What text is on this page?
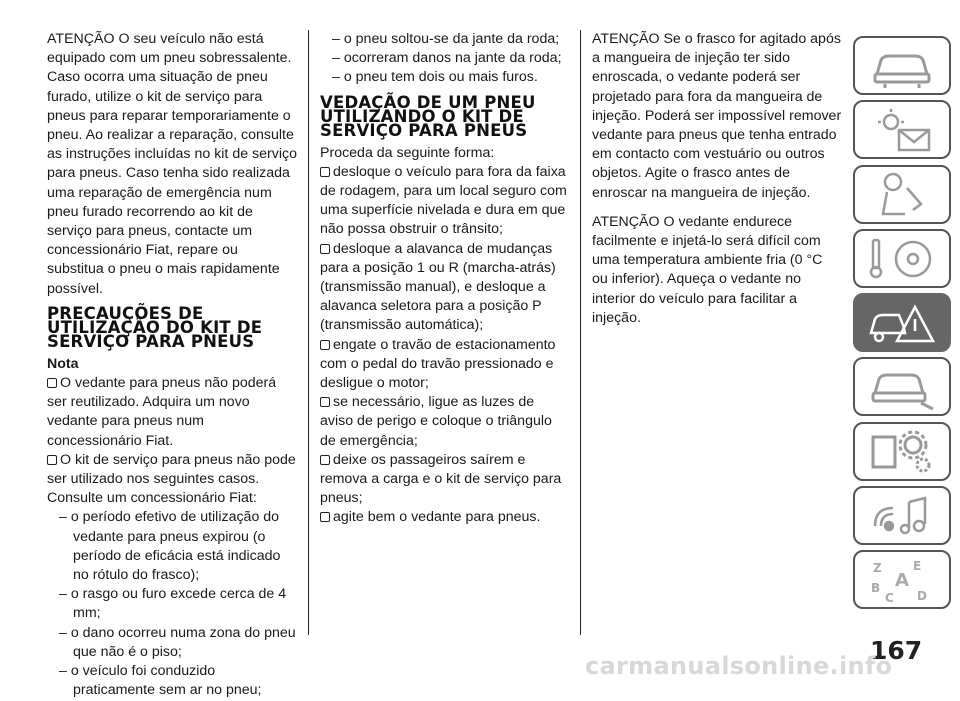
ATENÇÃO O seu veículo não está equipado com um pneu sobressalente. Caso ocorra uma situação de pneu furado, utilize o kit de serviço para pneus para reparar temporariamente o pneu. Ao realizar a reparação, consulte as instruções incluídas no kit de serviço para pneus. Caso tenha sido realizada uma reparação de emergência num pneu furado recorrendo ao kit de serviço para pneus, contacte um concessionário Fiat, repare ou substitua o pneu o mais rapidamente possível.

PRECAUÇÕES DE UTILIZAÇÃO DO KIT DE SERVIÇO PARA PNEUS

Nota

O vedante para pneus não poderá ser reutilizado. Adquira um novo vedante para pneus num concessionário Fiat.

O kit de serviço para pneus não pode ser utilizado nos seguintes casos. Consulte um concessionário Fiat:

– o período efetivo de utilização do vedante para pneus expirou (o período de eficácia está indicado no rótulo do frasco);

– o rasgo ou furo excede cerca de 4 mm;

– o dano ocorreu numa zona do pneu que não é o piso;

– o veículo foi conduzido praticamente sem ar no pneu;

– o pneu soltou-se da jante da roda;

– ocorreram danos na jante da roda;

– o pneu tem dois ou mais furos.

VEDAÇÃO DE UM PNEU UTILIZANDO O KIT DE SERVIÇO PARA PNEUS

Proceda da seguinte forma:

desloque o veículo para fora da faixa de rodagem, para um local seguro com uma superfície nivelada e dura em que não possa obstruir o trânsito;

desloque a alavanca de mudanças para a posição 1 ou R (marcha-atrás) (transmissão manual), e desloque a alavanca seletora para a posição P (transmissão automática);

engate o travão de estacionamento com o pedal do travão pressionado e desligue o motor;

se necessário, ligue as luzes de aviso de perigo e coloque o triângulo de emergência;

deixe os passageiros saírem e remova a carga e o kit de serviço para pneus;

agite bem o vedante para pneus.

ATENÇÃO Se o frasco for agitado após a mangueira de injeção ter sido enroscada, o vedante poderá ser projetado para fora da mangueira de injeção. Poderá ser impossível remover vedante para pneus que tenha entrado em contacto com vestuário ou outros objetos. Agite o frasco antes de enroscar na mangueira de injeção.

ATENÇÃO O vedante endurece facilmente e injetá-lo será difícil com uma temperatura ambiente fria (0 °C ou inferior). Aqueça o vedante no interior do veículo para facilitar a injeção.

Z	E
A
B
C D
167
carmanualsonline.info
